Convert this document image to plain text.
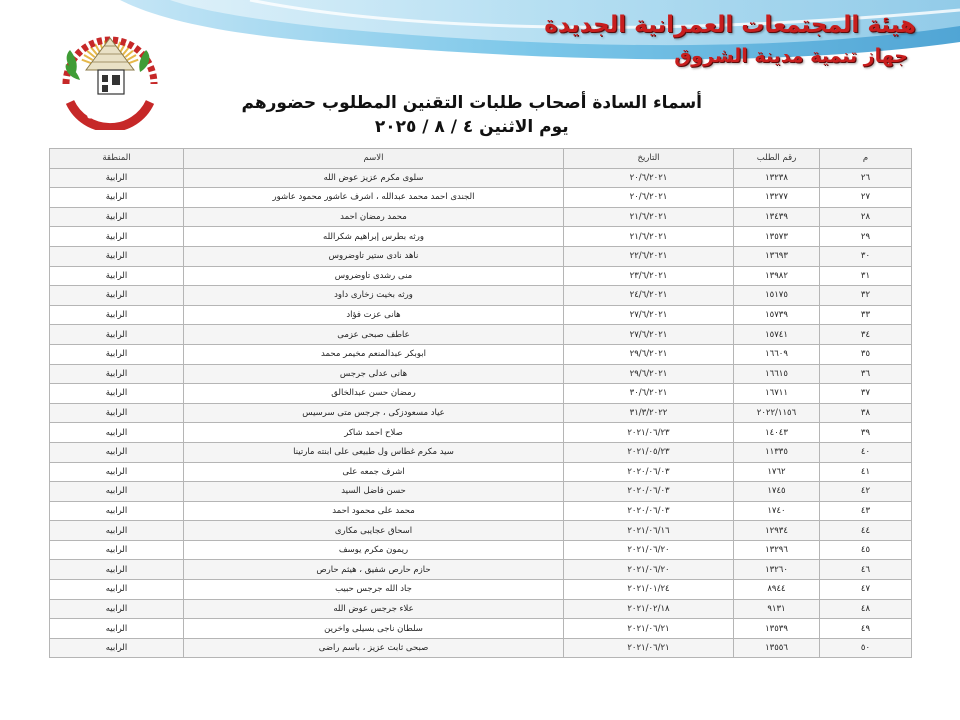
الشروق
هيئة المجتمعات العمرانية الجديدة
جهاز تنمية مدينة الشروق
أسماء السادة أصحاب طلبات التقنين المطلوب حضورهم
يوم الاثنين ٤ / ٨ / ٢٠٢٥
المنطقة	الاسم	التاريخ	رقم الطلب	م
الرابية	سلوى مكرم عزيز عوض الله	٢٠/٦/٢٠٢١	١٣٢٣٨	٢٦
الرابية	الجندى احمد محمد عبدالله ، اشرف عاشور محمود عاشور	٢٠/٦/٢٠٢١	١٣٢٧٧	٢٧
الرابية	محمد رمضان احمد	٢١/٦/٢٠٢١	١٣٤٣٩	٢٨
الرابية	ورثه بطرس إبراهيم شكرالله	٢١/٦/٢٠٢١	١٣٥٧٣	٢٩
الرابية	ناهد نادى ستير تاوضروس	٢٢/٦/٢٠٢١	١٣٦٩٣	٣٠
الرابية	منى رشدى تاوضروس	٢٣/٦/٢٠٢١	١٣٩٨٢	٣١
الرابية	ورثه بخيت زخارى داود	٢٤/٦/٢٠٢١	١٥١٧٥	٣٢
الرابية	هانى عزت فؤاد	٢٧/٦/٢٠٢١	١٥٧٣٩	٣٣
الرابية	عاطف صبحى عزمى	٢٧/٦/٢٠٢١	١٥٧٤١	٣٤
الرابية	ابوبكر عبدالمنعم مخيمر محمد	٢٩/٦/٢٠٢١	١٦٦٠٩	٣٥
الرابية	هانى عدلى جرجس	٢٩/٦/٢٠٢١	١٦٦١٥	٣٦
الرابية	رمضان حسن عبدالخالق	٣٠/٦/٢٠٢١	١٦٧١١	٣٧
الرابية	عياد مسعودزكى ، جرجس متى سرسيس	٣١/٣/٢٠٢٢	٢٠٢٢/١١٥٦	٣٨
الرابيه	صلاح احمد شاكر	٢٠٢١/٠٦/٢٣	١٤٠٤٣	٣٩
الرابيه	سيد مكرم غطاس ول طبيعى على ابنته مارتينا	٢٠٢١/٠٥/٢٣	١١٣٣٥	٤٠
الرابيه	اشرف جمعه على	٢٠٢٠/٠٦/٠٣	١٧٦٢	٤١
الرابيه	حسن فاضل السيد	٢٠٢٠/٠٦/٠٣	١٧٤٥	٤٢
الرابيه	محمد على محمود احمد	٢٠٢٠/٠٦/٠٣	١٧٤٠	٤٣
الرابيه	اسحاق عجايبى مكارى	٢٠٢١/٠٦/١٦	١٢٩٣٤	٤٤
الرابيه	ريمون مكرم يوسف	٢٠٢١/٠٦/٢٠	١٣٢٩٦	٤٥
الرابيه	حازم حارص شفيق ، هيثم حارص	٢٠٢١/٠٦/٢٠	١٣٢٦٠	٤٦
الرابيه	جاد الله جرجس حبيب	٢٠٢١/٠١/٢٤	٨٩٤٤	٤٧
الرابيه	علاء جرجس عوض الله	٢٠٢١/٠٢/١٨	٩١٣١	٤٨
الرابيه	سلطان ناجى بسيلى واخرين	٢٠٢١/٠٦/٢١	١٣٥٣٩	٤٩
الرابيه	صبحى ثابت عزيز ، باسم راضى	٢٠٢١/٠٦/٢١	١٣٥٥٦	٥٠
